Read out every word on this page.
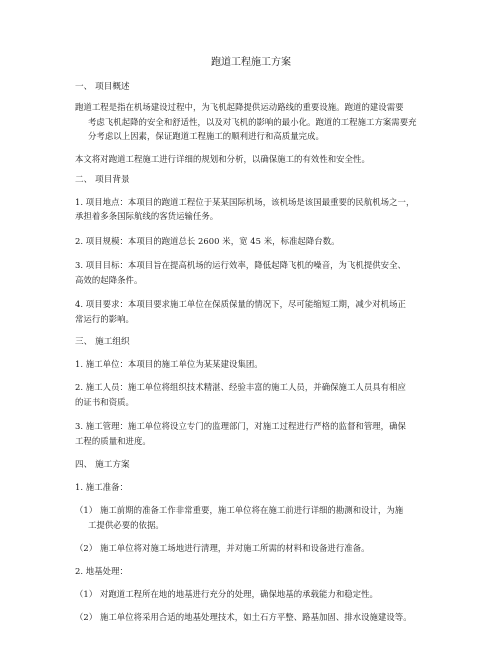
跑道工程施工方案
一、 项目概述
跑道工程是指在机场建设过程中，为飞机起降提供运动路线的重要设施。跑道的建设需要
考虑飞机起降的安全和舒适性，以及对飞机的影响的最小化。跑道的工程施工方案需要充
分考虑以上因素，保证跑道工程施工的顺利进行和高质量完成。
本文将对跑道工程施工进行详细的规划和分析，以确保施工的有效性和安全性。
二、 项目背景
1. 项目地点：本项目的跑道工程位于某某国际机场，该机场是该国最重要的民航机场之一，
承担着多条国际航线的客货运输任务。
2. 项目规模：本项目的跑道总长 2600 米，宽 45 米，标准起降台数。
3. 项目目标：本项目旨在提高机场的运行效率，降低起降飞机的噪音，为飞机提供安全、
高效的起降条件。
4. 项目要求：本项目要求施工单位在保质保量的情况下，尽可能缩短工期，减少对机场正
常运行的影响。
三、 施工组织
1. 施工单位：本项目的施工单位为某某建设集团。
2. 施工人员：施工单位将组织技术精湛、经验丰富的施工人员，并确保施工人员具有相应
的证书和资质。
3. 施工管理：施工单位将设立专门的监理部门，对施工过程进行严格的监督和管理，确保
工程的质量和进度。
四、 施工方案
1. 施工准备：
（1） 施工前期的准备工作非常重要，施工单位将在施工前进行详细的勘测和设计，为施
工提供必要的依据。
（2） 施工单位将对施工场地进行清理，并对施工所需的材料和设备进行准备。
2. 地基处理：
（1） 对跑道工程所在地的地基进行充分的处理，确保地基的承载能力和稳定性。
（2） 施工单位将采用合适的地基处理技术，如土石方平整、路基加固、排水设施建设等。
